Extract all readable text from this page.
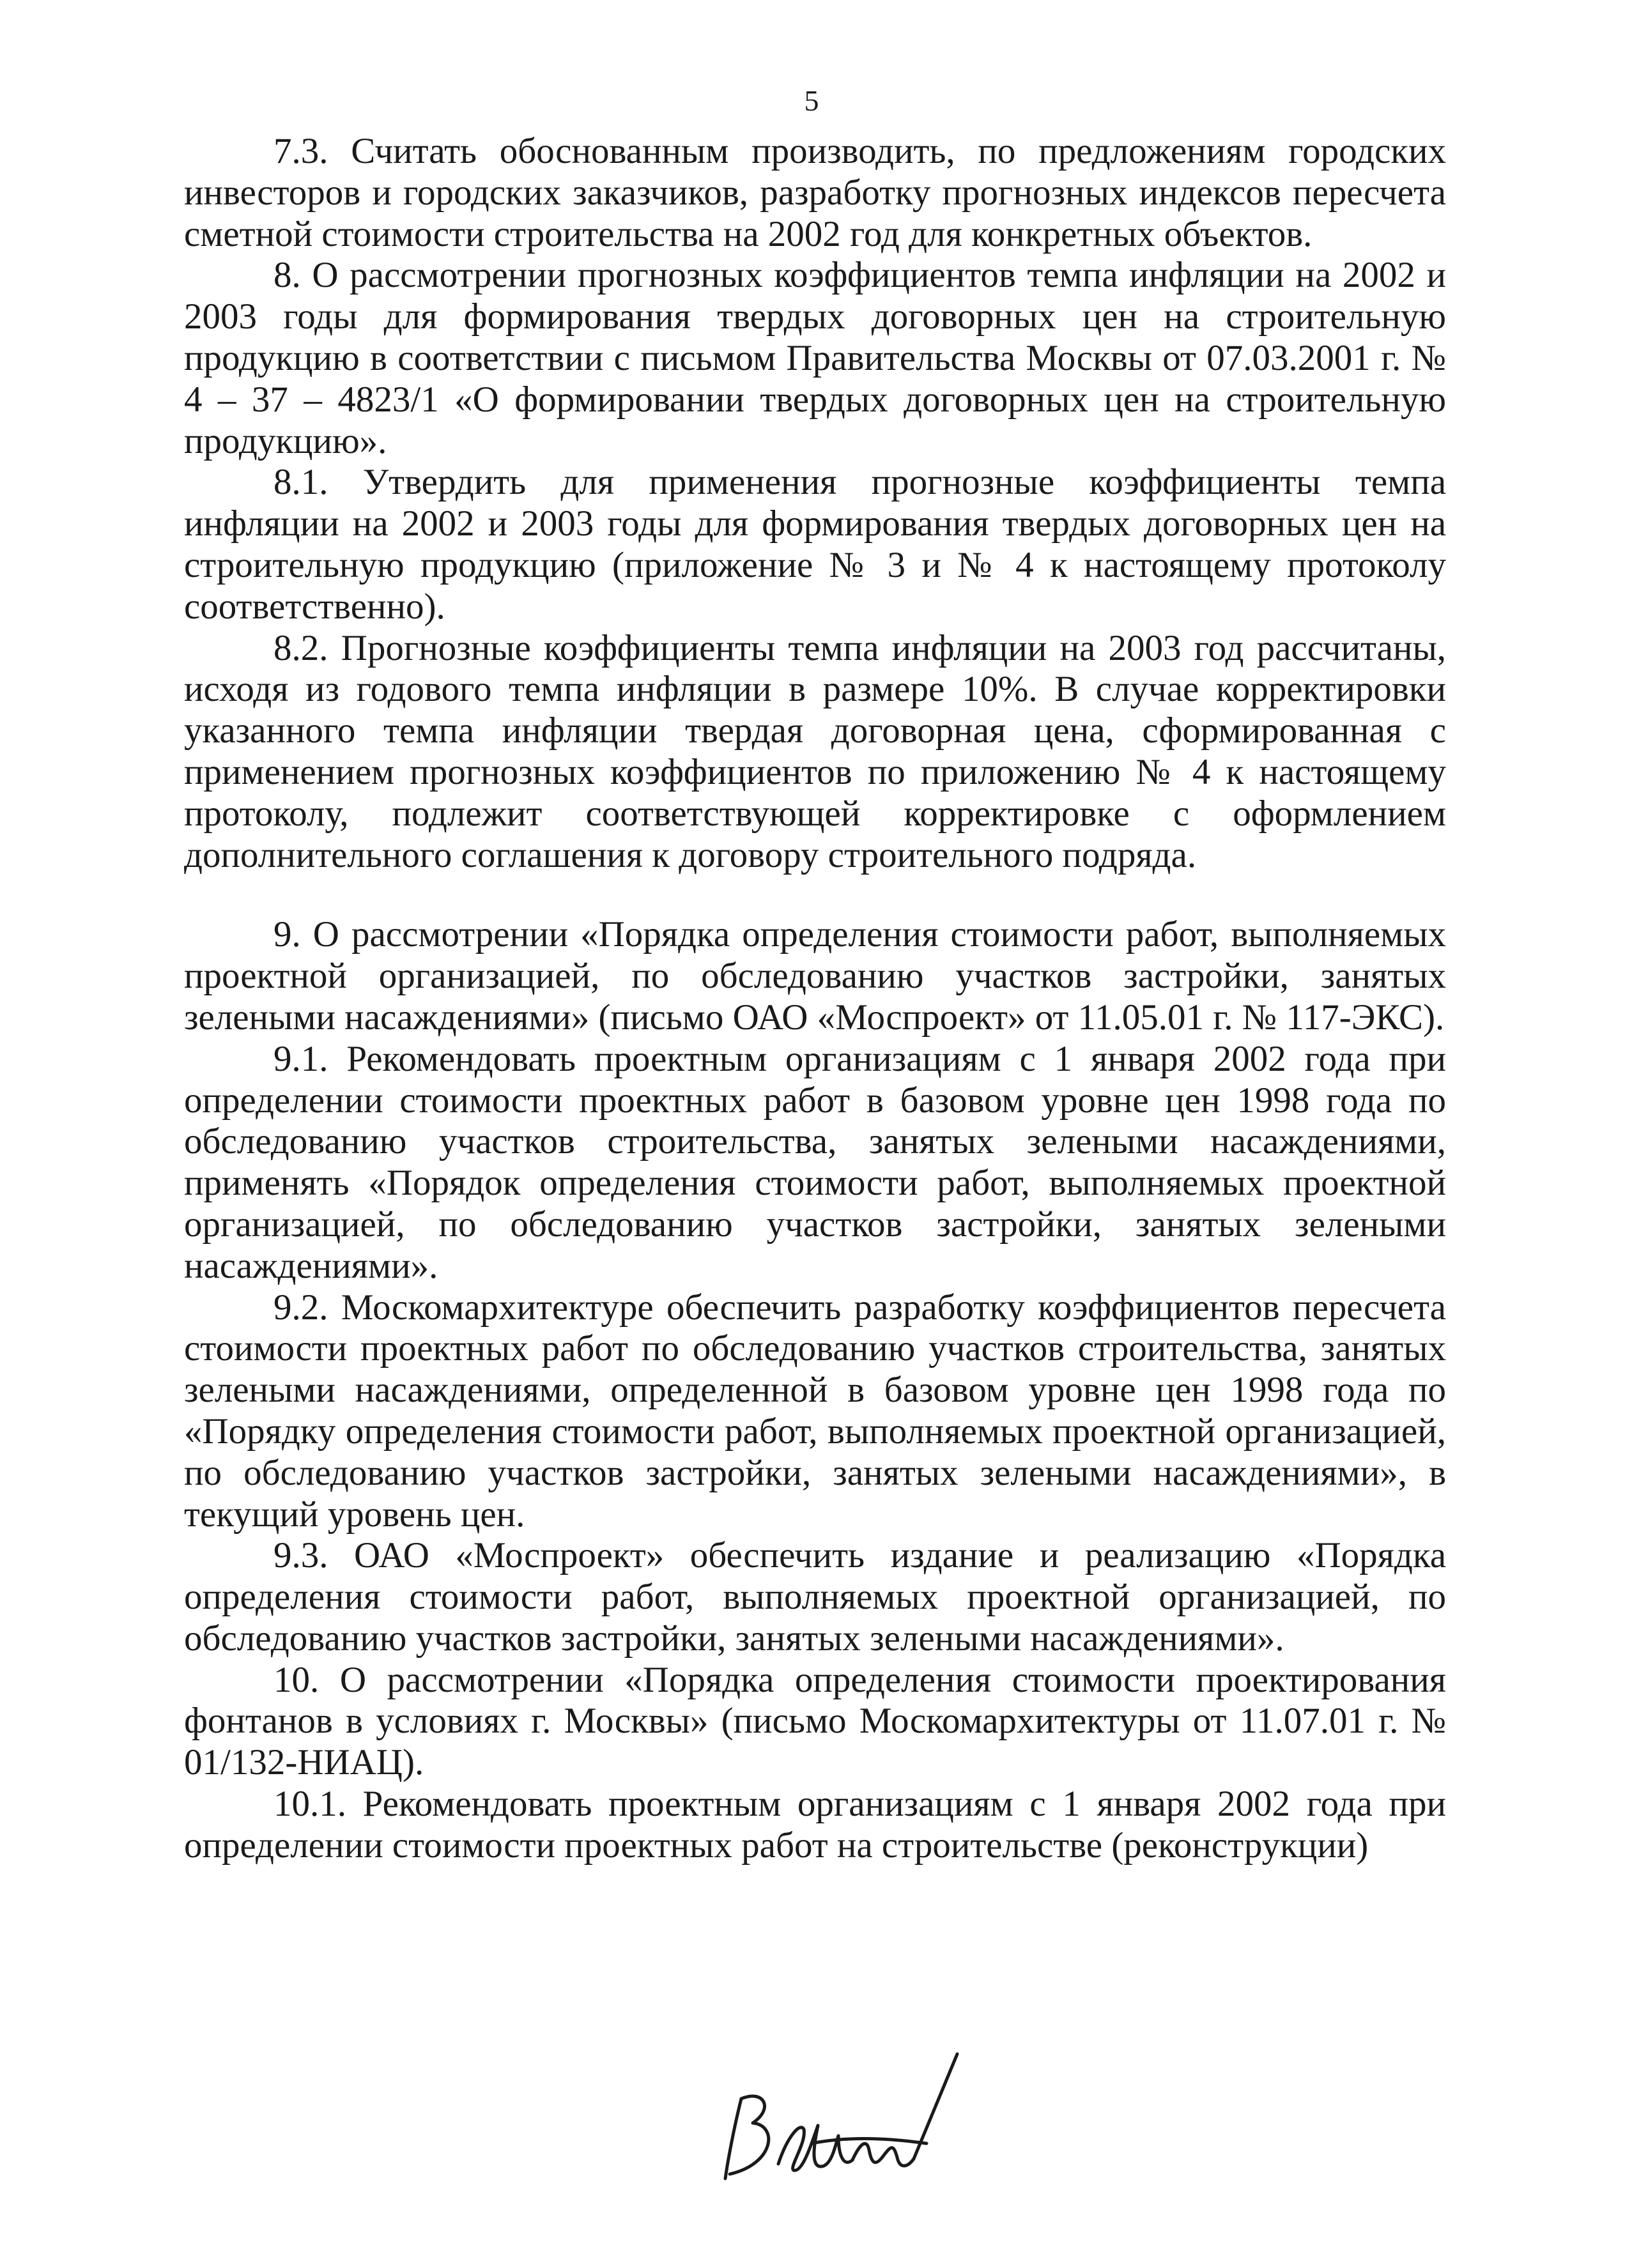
5

7.3. Считать обоснованным производить, по предложениям городских инвесторов и городских заказчиков, разработку прогнозных индексов пересчета сметной стоимости строительства на 2002 год для конкретных объектов.

8. О рассмотрении прогнозных коэффициентов темпа инфляции на 2002 и 2003 годы для формирования твердых договорных цен на строительную продукцию в соответствии с письмом Правительства Москвы от 07.03.2001 г. № 4 – 37 – 4823/1 «О формировании твердых договорных цен на строительную продукцию».

8.1. Утвердить для применения прогнозные коэффициенты темпа инфляции на 2002 и 2003 годы для формирования твердых договорных цен на строительную продукцию (приложение № 3 и № 4 к настоящему протоколу соответственно).

8.2. Прогнозные коэффициенты темпа инфляции на 2003 год рассчитаны, исходя из годового темпа инфляции в размере 10%. В случае корректировки указанного темпа инфляции твердая договорная цена, сформированная с применением прогнозных коэффициентов по приложению № 4 к настоящему протоколу, подлежит соответствующей корректировке с оформлением дополнительного соглашения к договору строительного подряда.

9. О рассмотрении «Порядка определения стоимости работ, выполняемых проектной организацией, по обследованию участков застройки, занятых зелеными насаждениями» (письмо ОАО «Моспроект» от 11.05.01 г. № 117-ЭКС).

9.1. Рекомендовать проектным организациям с 1 января 2002 года при определении стоимости проектных работ в базовом уровне цен 1998 года по обследованию участков строительства, занятых зелеными насаждениями, применять «Порядок определения стоимости работ, выполняемых проектной организацией, по обследованию участков застройки, занятых зелеными насаждениями».

9.2. Москомархитектуре обеспечить разработку коэффициентов пересчета стоимости проектных работ по обследованию участков строительства, занятых зелеными насаждениями, определенной в базовом уровне цен 1998 года по «Порядку определения стоимости работ, выполняемых проектной организацией, по обследованию участков застройки, занятых зелеными насаждениями», в текущий уровень цен.

9.3. ОАО «Моспроект» обеспечить издание и реализацию «Порядка определения стоимости работ, выполняемых проектной организацией, по обследованию участков застройки, занятых зелеными насаждениями».

10. О рассмотрении «Порядка определения стоимости проектирования фонтанов в условиях г. Москвы» (письмо Москомархитектуры от 11.07.01 г. № 01/132-НИАЦ).

10.1. Рекомендовать проектным организациям с 1 января 2002 года при определении стоимости проектных работ на строительстве (реконструкции)
